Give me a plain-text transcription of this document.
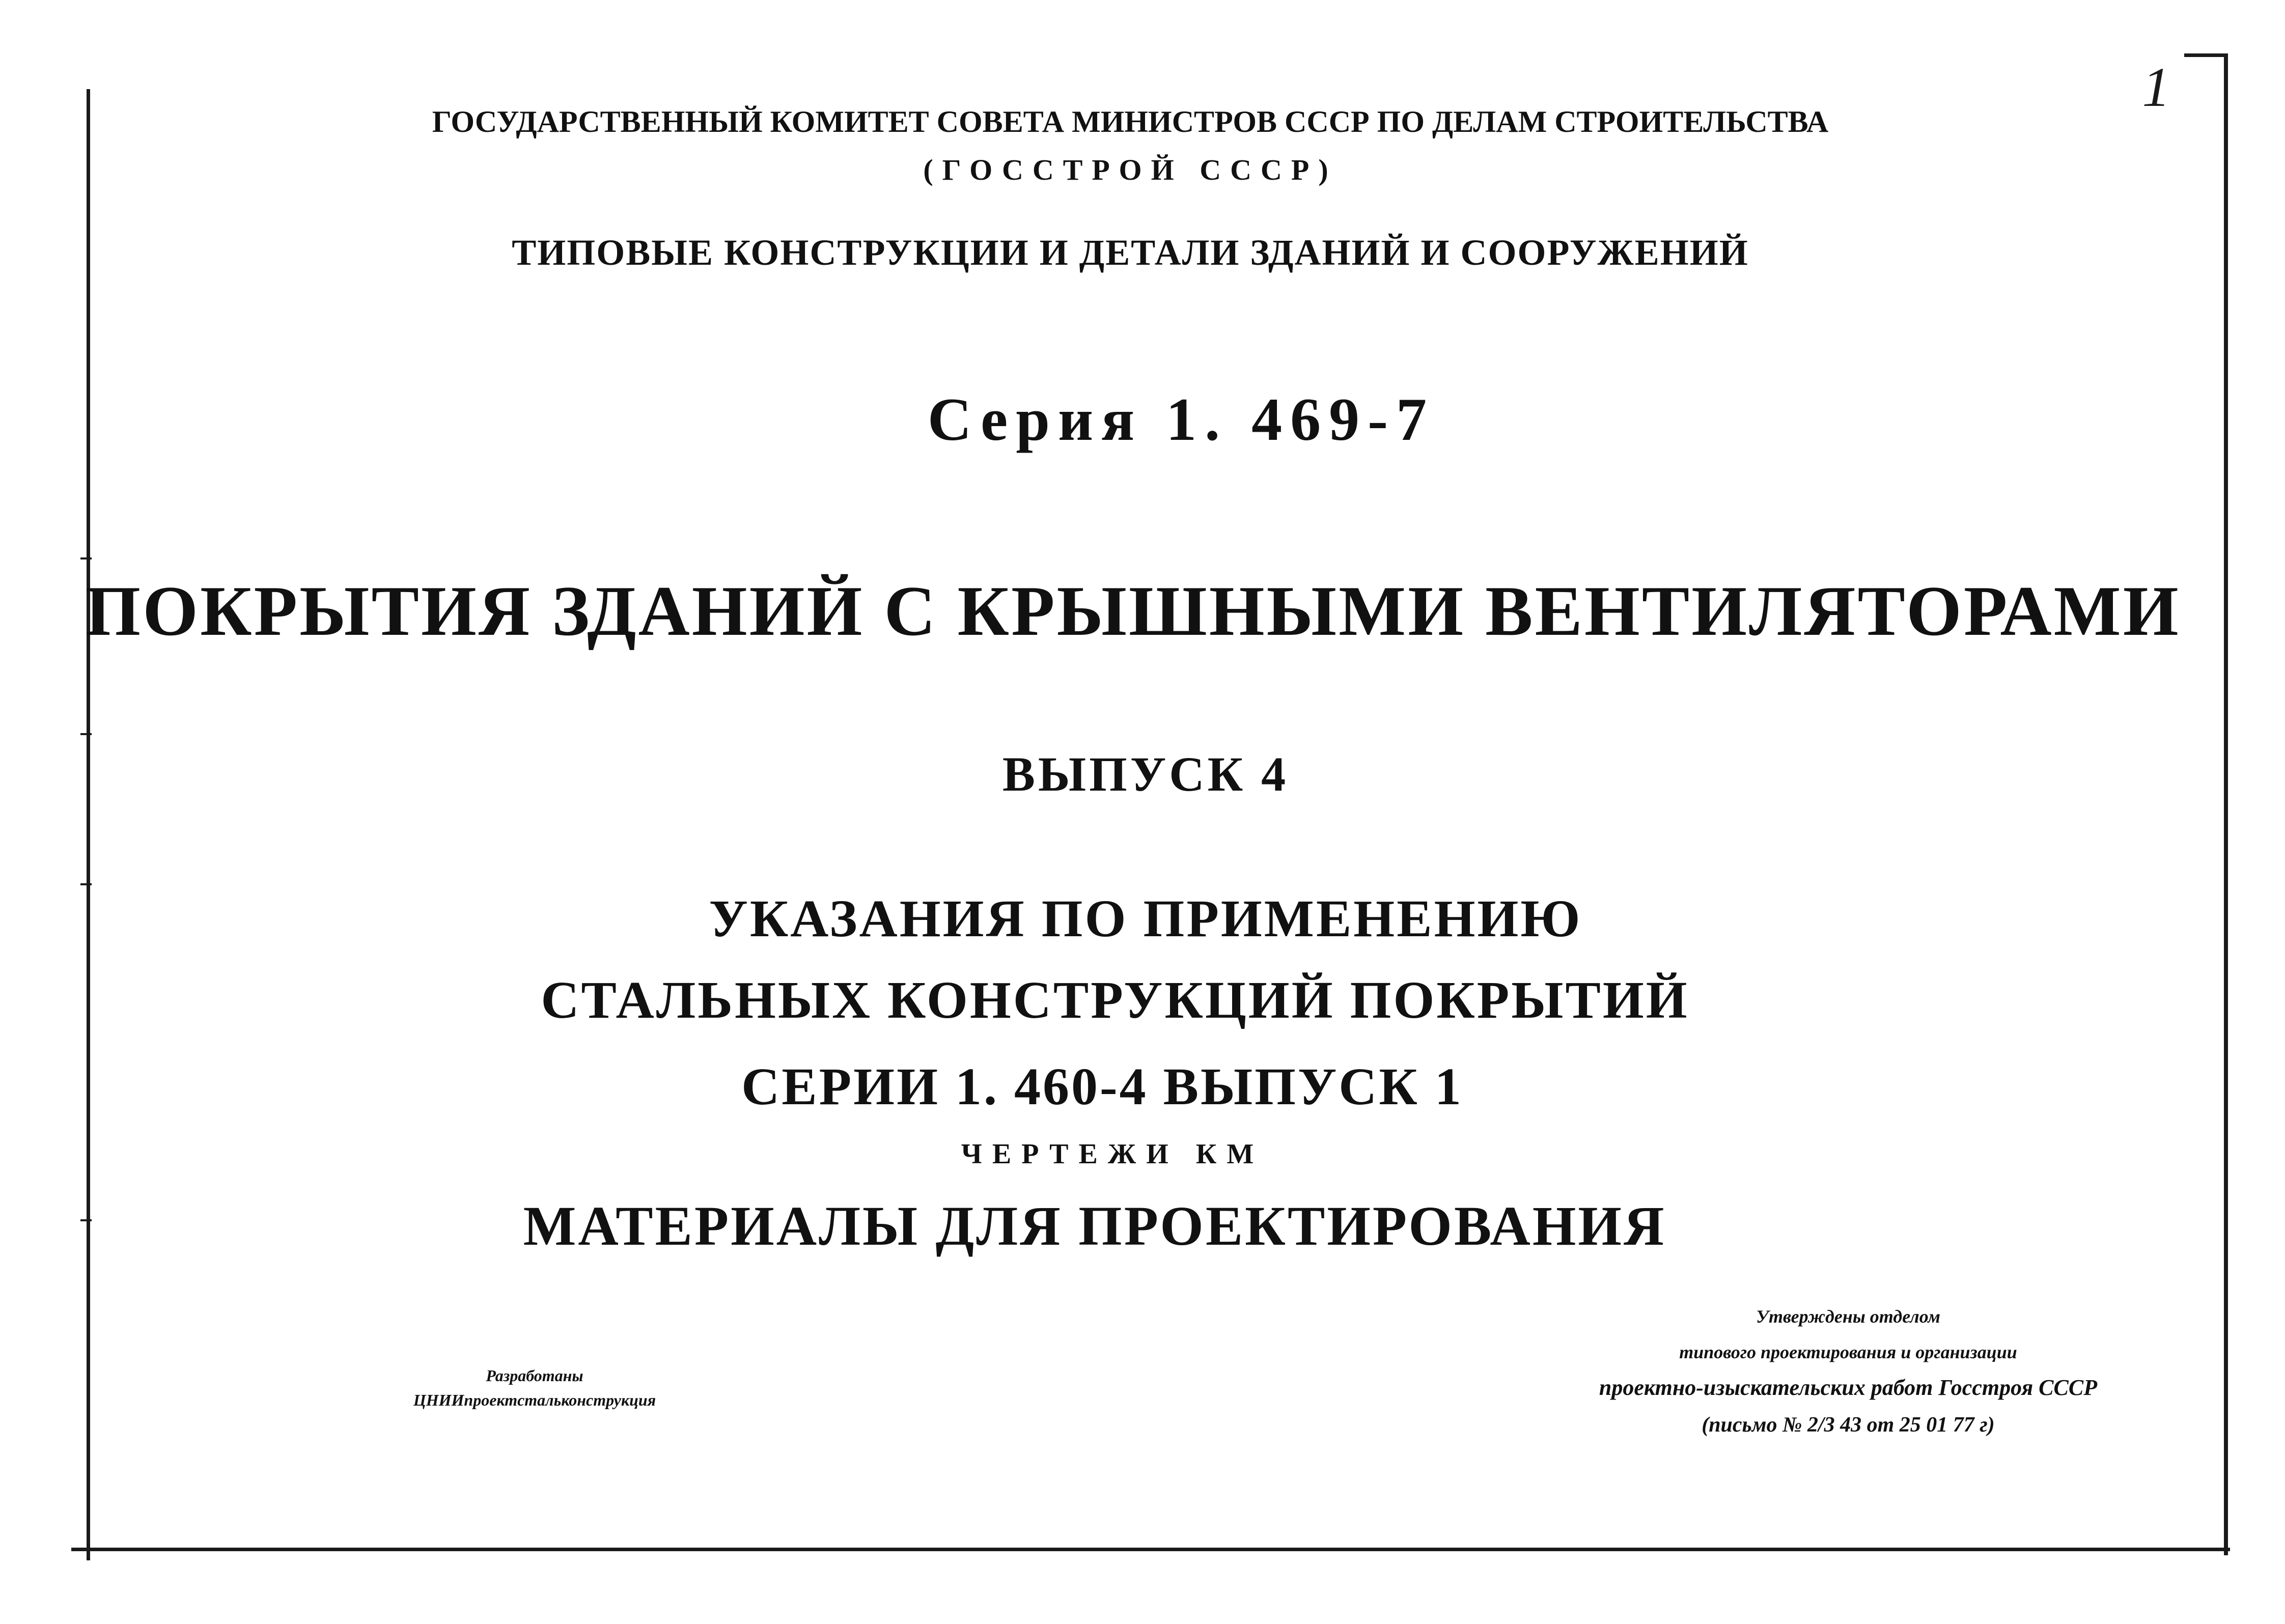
1
ГОСУДАРСТВЕННЫЙ КОМИТЕТ СОВЕТА МИНИСТРОВ СССР ПО ДЕЛАМ СТРОИТЕЛЬСТВА
(ГОССТРОЙ СССР)
ТИПОВЫЕ КОНСТРУКЦИИ И ДЕТАЛИ ЗДАНИЙ И СООРУЖЕНИЙ
Серия 1. 469-7
ПОКРЫТИЯ ЗДАНИЙ С КРЫШНЫМИ ВЕНТИЛЯТОРАМИ
ВЫПУСК 4
УКАЗАНИЯ ПО ПРИМЕНЕНИЮ
СТАЛЬНЫХ КОНСТРУКЦИЙ ПОКРЫТИЙ
СЕРИИ 1. 460-4 ВЫПУСК 1
ЧЕРТЕЖИ КМ
МАТЕРИАЛЫ ДЛЯ ПРОЕКТИРОВАНИЯ
Разработаны
ЦНИИпроектстальконструкция
Утверждены отделом
типового проектирования и организации
проектно-изыскательских работ Госстроя СССР
(письмо № 2/3 43 от 25 01 77 г)
